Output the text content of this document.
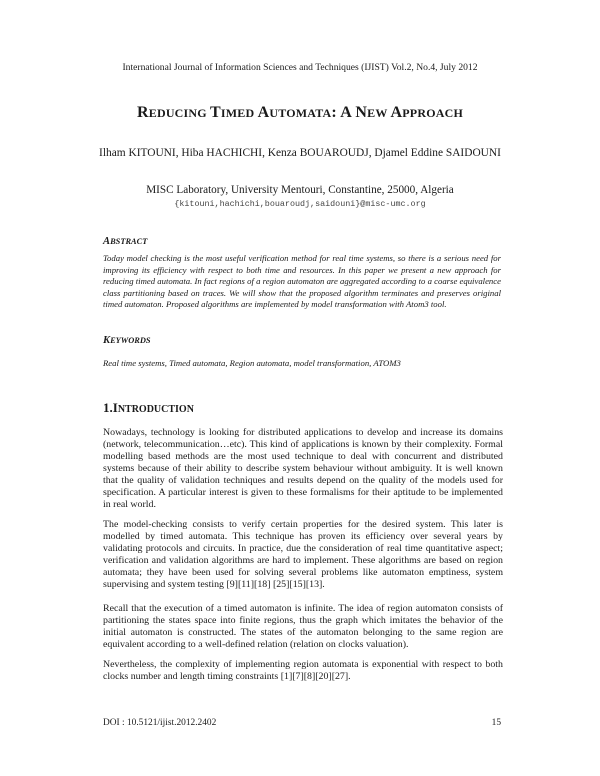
International Journal of Information Sciences and Techniques (IJIST) Vol.2, No.4, July 2012
REDUCING TIMED AUTOMATA: A NEW APPROACH
Ilham KITOUNI, Hiba HACHICHI, Kenza BOUAROUDJ, Djamel Eddine SAIDOUNI
MISC Laboratory, University Mentouri, Constantine, 25000, Algeria
{kitouni,hachichi,bouaroudj,saidouni}@misc-umc.org
ABSTRACT
Today model checking is the most useful verification method for real time systems, so there is a serious need for improving its efficiency with respect to both time and resources. In this paper we present a new approach for reducing timed automata. In fact regions of a region automaton are aggregated according to a coarse equivalence class partitioning based on traces. We will show that the proposed algorithm terminates and preserves original timed automaton. Proposed algorithms are implemented by model transformation with Atom3 tool.
KEYWORDS
Real time systems, Timed automata, Region automata, model transformation, ATOM3
1.INTRODUCTION
Nowadays, technology is looking for distributed applications to develop and increase its domains (network, telecommunication…etc). This kind of applications is known by their complexity. Formal modelling based methods are the most used technique to deal with concurrent and distributed systems because of their ability to describe system behaviour without ambiguity. It is well known that the quality of validation techniques and results depend on the quality of the models used for specification. A particular interest is given to these formalisms for their aptitude to be implemented in real world.
The model-checking consists to verify certain properties for the desired system. This later is modelled by timed automata. This technique has proven its efficiency over several years by validating protocols and circuits. In practice, due the consideration of real time quantitative aspect; verification and validation algorithms are hard to implement. These algorithms are based on region automata; they have been used for solving several problems like automaton emptiness, system supervising and system testing [9][11][18] [25][15][13].
Recall that the execution of a timed automaton is infinite. The idea of region automaton consists of partitioning the states space into finite regions, thus the graph which imitates the behavior of the initial automaton is constructed. The states of the automaton belonging to the same region are equivalent according to a well-defined relation (relation on clocks valuation).
Nevertheless, the complexity of implementing region automata is exponential with respect to both clocks number and length timing constraints [1][7][8][20][27].
DOI : 10.5121/ijist.2012.2402	15
